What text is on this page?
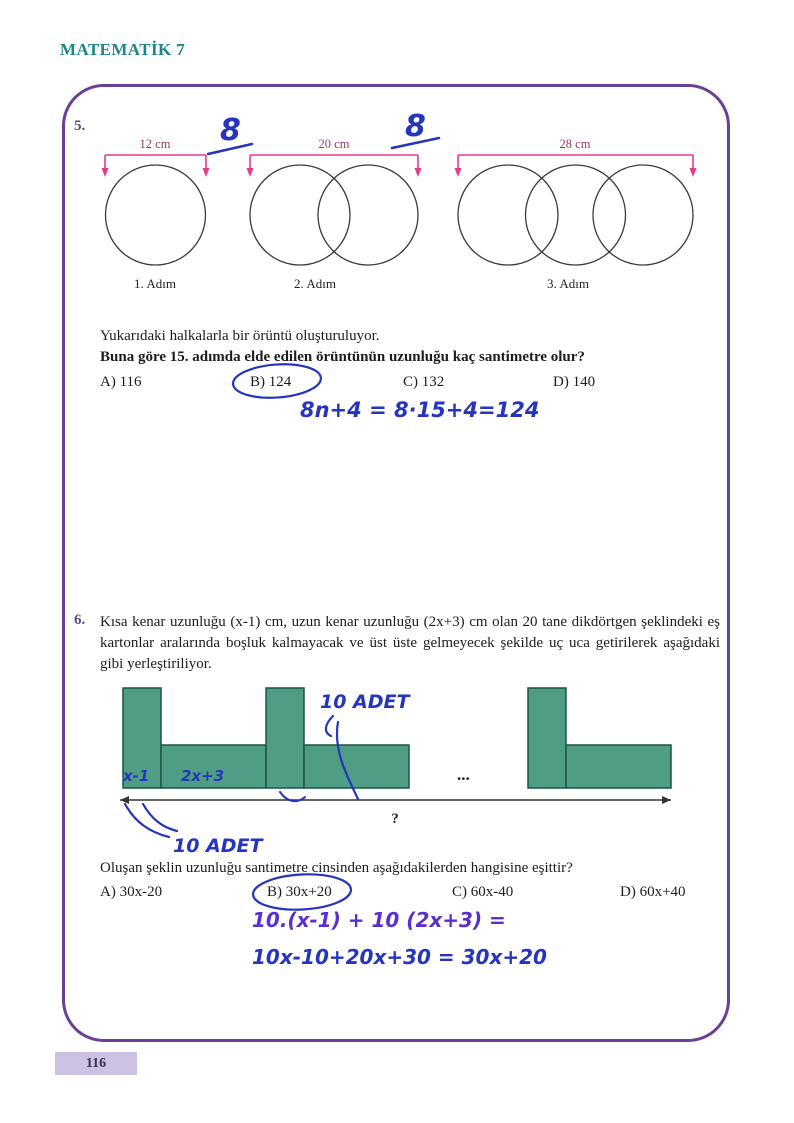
MATEMATİK 7
5.
12 cm
1. Adım
20 cm
2. Adım
28 cm
3. Adım
8	8
Yukarıdaki halkalarla bir örüntü oluşturuluyor.
Buna göre 15. adımda elde edilen örüntünün uzunluğu kaç santimetre olur?
A) 116	B) 124	C) 132	D) 140
8n+4 = 8·15+4=124
6. Kısa kenar uzunluğu (x-1) cm, uzun kenar uzunluğu (2x+3) cm olan 20 tane dikdörtgen şeklindeki eş kartonlar aralarında boşluk kalmayacak ve üst üste gelmeyecek şekilde uç uca getirilerek aşağıdaki gibi yerleştiriliyor.
...
?
10 ADET
x-1 2x+3
10 ADET
Oluşan şeklin uzunluğu santimetre cinsinden aşağıdakilerden hangisine eşittir?
A) 30x-20	B) 30x+20	C) 60x-40	D) 60x+40
10.(x-1) + 10 (2x+3) =
10x-10+20x+30 = 30x+20
116
